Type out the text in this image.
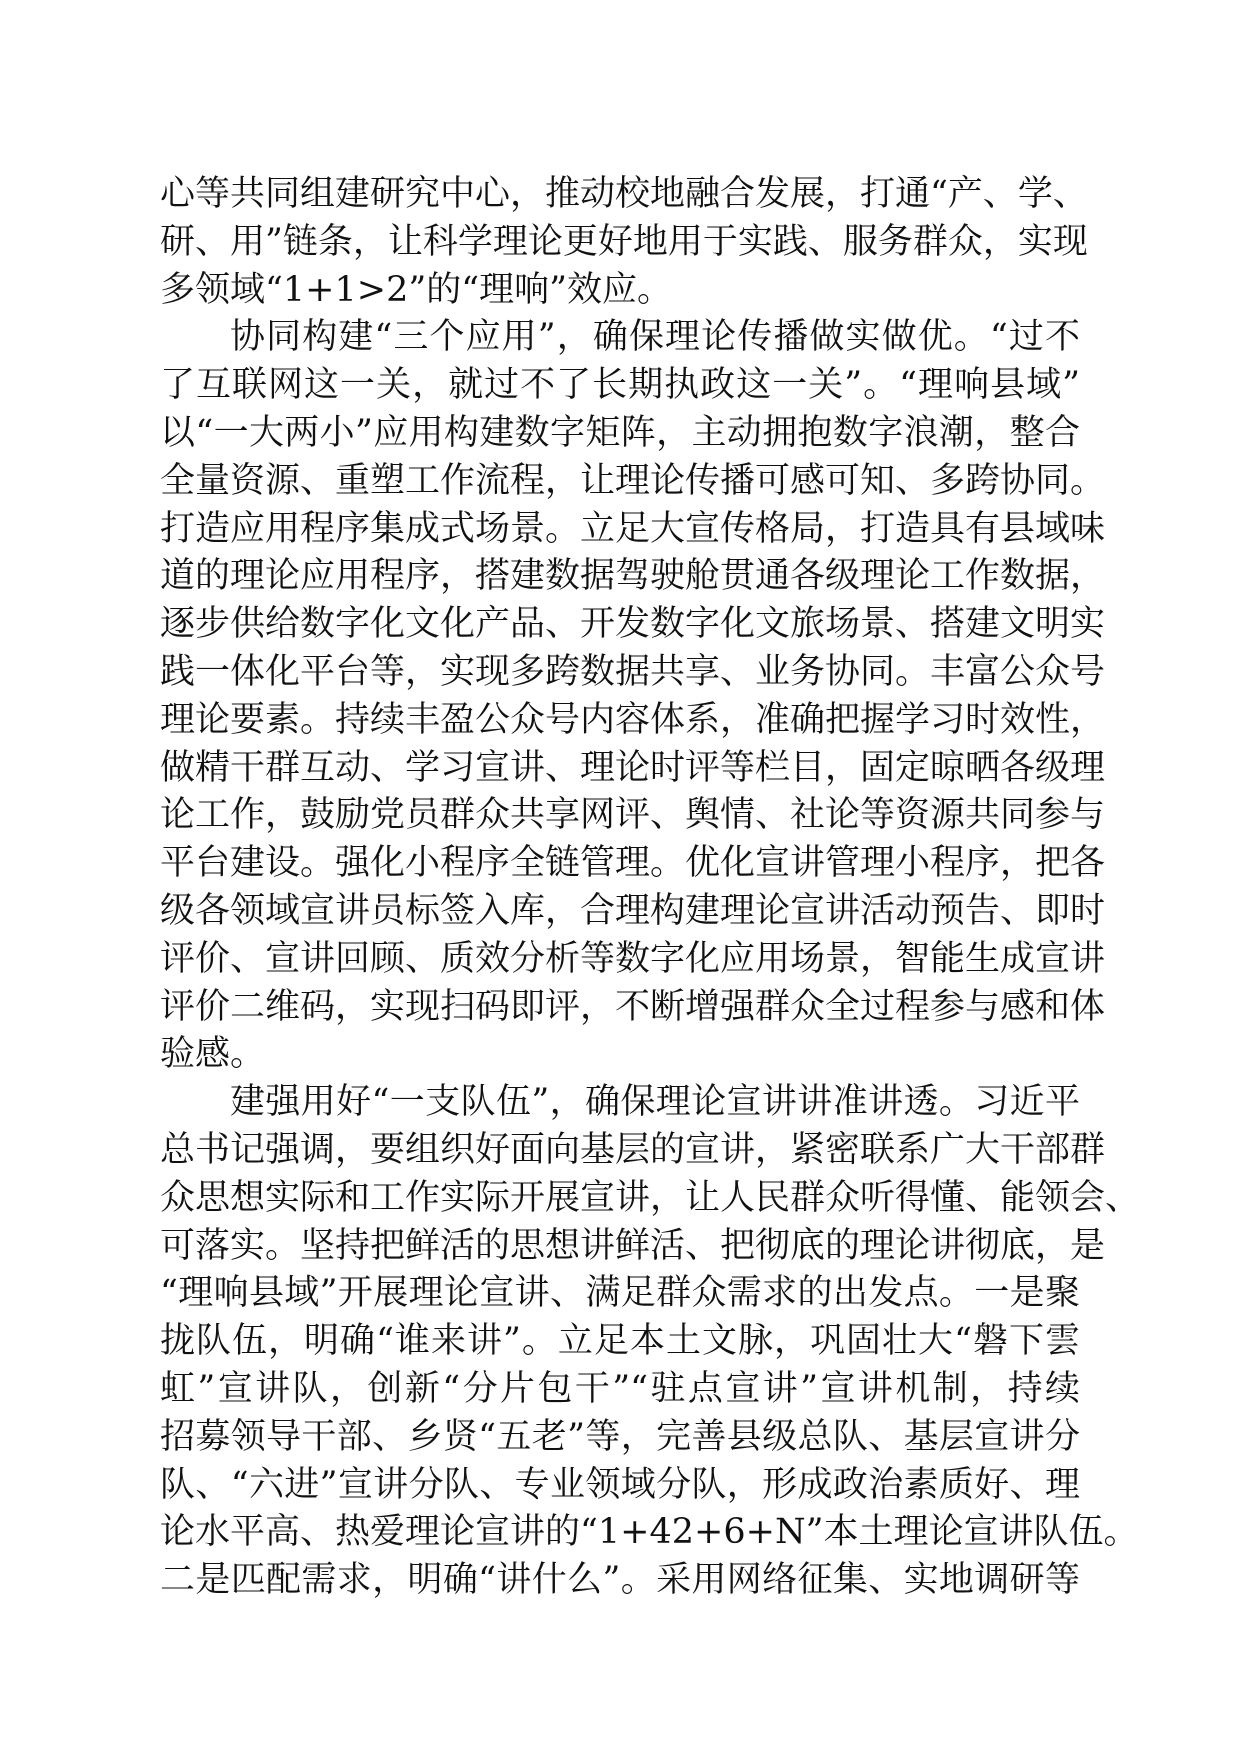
心等共同组建研究中心，推动校地融合发展，打通“产、学、
研、用”链条，让科学理论更好地用于实践、服务群众，实现
多领域“1+1>2”的“理响”效应。
协同构建“三个应用”，确保理论传播做实做优。“过不
了互联网这一关，就过不了长期执政这一关”。“理响县域”
以“一大两小”应用构建数字矩阵，主动拥抱数字浪潮，整合
全量资源、重塑工作流程，让理论传播可感可知、多跨协同。
打造应用程序集成式场景。立足大宣传格局，打造具有县域味
道的理论应用程序，搭建数据驾驶舱贯通各级理论工作数据，
逐步供给数字化文化产品、开发数字化文旅场景、搭建文明实
践一体化平台等，实现多跨数据共享、业务协同。丰富公众号
理论要素。持续丰盈公众号内容体系，准确把握学习时效性，
做精干群互动、学习宣讲、理论时评等栏目，固定晾晒各级理
论工作，鼓励党员群众共享网评、舆情、社论等资源共同参与
平台建设。强化小程序全链管理。优化宣讲管理小程序，把各
级各领域宣讲员标签入库，合理构建理论宣讲活动预告、即时
评价、宣讲回顾、质效分析等数字化应用场景，智能生成宣讲
评价二维码，实现扫码即评，不断增强群众全过程参与感和体
验感。
建强用好“一支队伍”，确保理论宣讲讲准讲透。习近平
总书记强调，要组织好面向基层的宣讲，紧密联系广大干部群
众思想实际和工作实际开展宣讲，让人民群众听得懂、能领会、
可落实。坚持把鲜活的思想讲鲜活、把彻底的理论讲彻底，是
“理响县域”开展理论宣讲、满足群众需求的出发点。一是聚
拢队伍，明确“谁来讲”。立足本土文脉，巩固壮大“磐下雲
虹”宣讲队，创新“分片包干”“驻点宣讲”宣讲机制，持续
招募领导干部、乡贤“五老”等，完善县级总队、基层宣讲分
队、“六进”宣讲分队、专业领域分队，形成政治素质好、理
论水平高、热爱理论宣讲的“1+42+6+N”本土理论宣讲队伍。
二是匹配需求，明确“讲什么”。采用网络征集、实地调研等
